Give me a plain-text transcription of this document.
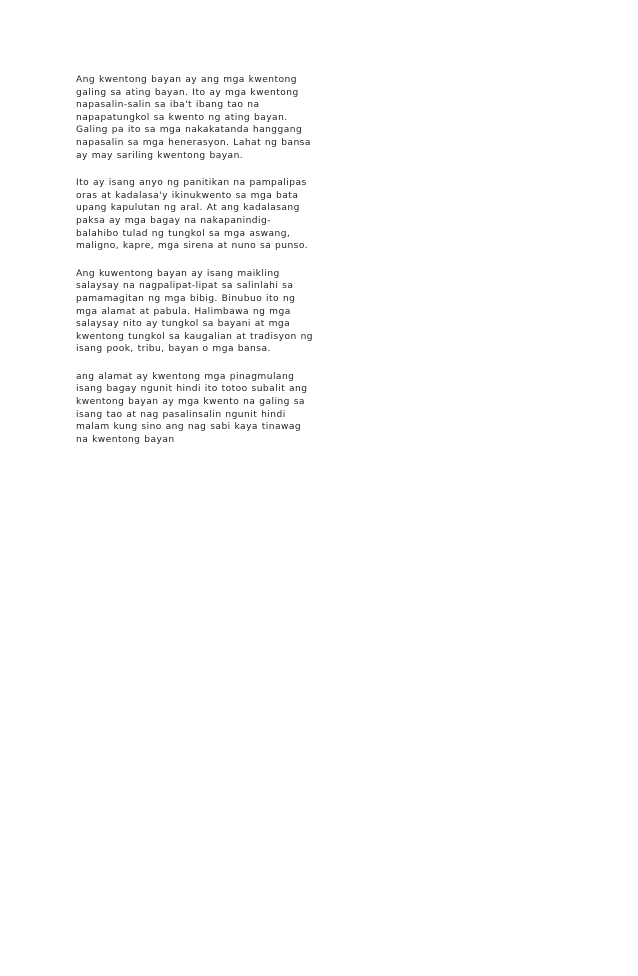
Ang kwentong bayan ay ang mga kwentong
galing sa ating bayan. Ito ay mga kwentong
napasalin-salin sa iba't ibang tao na
napapatungkol sa kwento ng ating bayan.
Galing pa ito sa mga nakakatanda hanggang
napasalin sa mga henerasyon. Lahat ng bansa
ay may sariling kwentong bayan.

Ito ay isang anyo ng panitikan na pampalipas
oras at kadalasa'y ikinukwento sa mga bata
upang kapulutan ng aral. At ang kadalasang
paksa ay mga bagay na nakapanindig-
balahibo tulad ng tungkol sa mga aswang,
maligno, kapre, mga sirena at nuno sa punso.

Ang kuwentong bayan ay isang maikling
salaysay na nagpalipat-lipat sa salinlahi sa
pamamagitan ng mga bibig. Binubuo ito ng
mga alamat at pabula. Halimbawa ng mga
salaysay nito ay tungkol sa bayani at mga
kwentong tungkol sa kaugalian at tradisyon ng
isang pook, tribu, bayan o mga bansa.

ang alamat ay kwentong mga pinagmulang
isang bagay ngunit hindi ito totoo subalit ang
kwentong bayan ay mga kwento na galing sa
isang tao at nag pasalinsalin ngunit hindi
malam kung sino ang nag sabi kaya tinawag
na kwentong bayan
